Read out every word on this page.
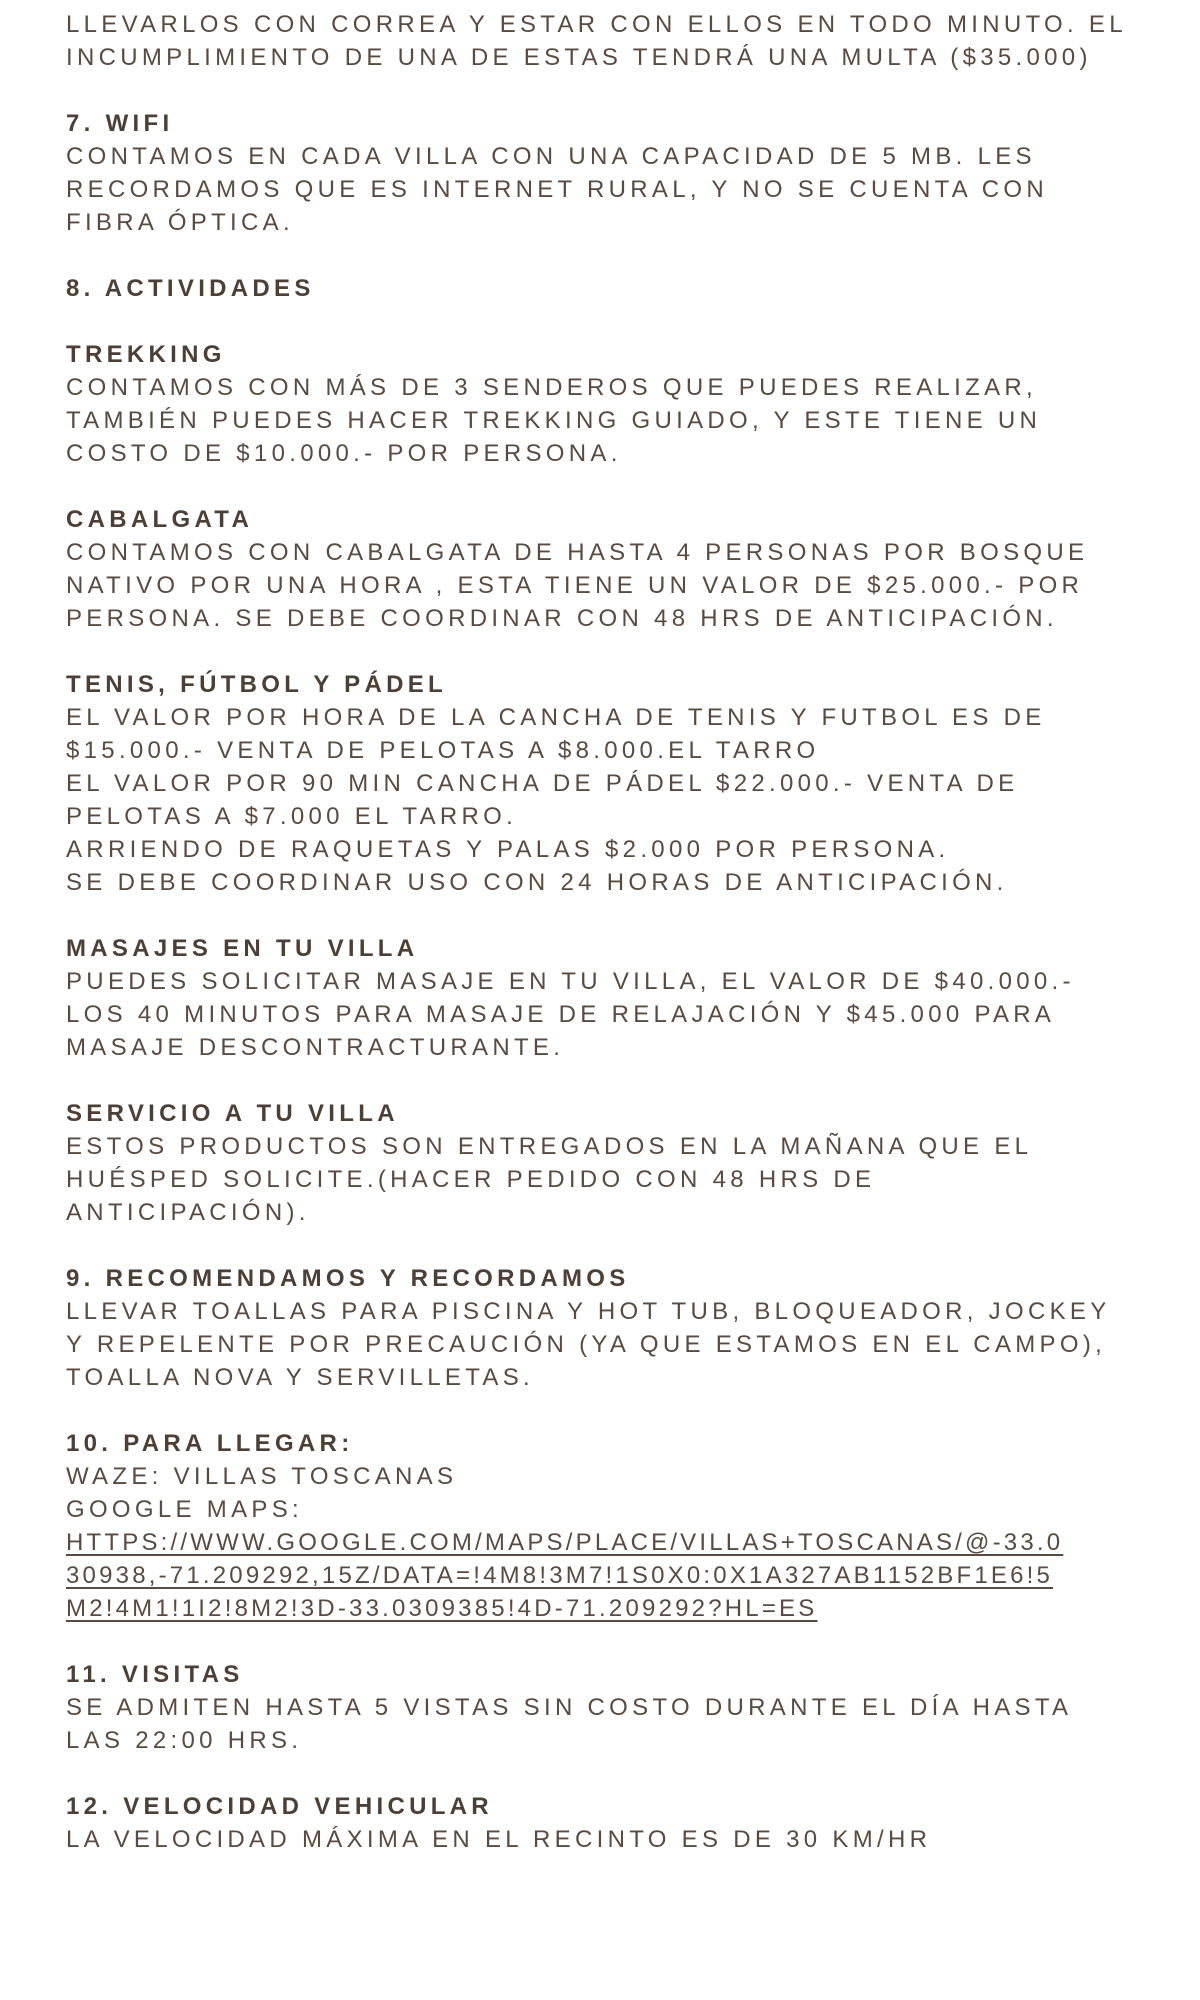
LLEVARLOS CON CORREA Y ESTAR CON ELLOS EN TODO MINUTO. EL
INCUMPLIMIENTO DE UNA DE ESTAS TENDRÁ UNA MULTA ($35.000)
7. WIFI
CONTAMOS EN CADA VILLA CON UNA CAPACIDAD DE 5 MB. LES
RECORDAMOS QUE ES INTERNET RURAL, Y NO SE CUENTA CON
FIBRA ÓPTICA.
8. ACTIVIDADES
TREKKING
CONTAMOS CON MÁS DE 3 SENDEROS QUE PUEDES REALIZAR,
TAMBIÉN PUEDES HACER TREKKING GUIADO, Y ESTE TIENE UN
COSTO DE $10.000.- POR PERSONA.
CABALGATA
CONTAMOS CON CABALGATA DE HASTA 4 PERSONAS POR BOSQUE
NATIVO POR UNA HORA , ESTA TIENE UN VALOR DE $25.000.- POR
PERSONA. SE DEBE COORDINAR CON 48 HRS DE ANTICIPACIÓN.
TENIS, FÚTBOL Y PÁDEL
EL VALOR POR HORA DE LA CANCHA DE TENIS Y FUTBOL ES DE
$15.000.- VENTA DE PELOTAS A $8.000.EL TARRO
EL VALOR POR 90 MIN CANCHA DE PÁDEL $22.000.- VENTA DE
PELOTAS A $7.000 EL TARRO.
ARRIENDO DE RAQUETAS Y PALAS $2.000 POR PERSONA.
SE DEBE COORDINAR USO CON 24 HORAS DE ANTICIPACIÓN.
MASAJES EN TU VILLA
PUEDES SOLICITAR MASAJE EN TU VILLA, EL VALOR DE $40.000.-
LOS 40 MINUTOS PARA MASAJE DE RELAJACIÓN Y $45.000 PARA
MASAJE DESCONTRACTURANTE.
SERVICIO A TU VILLA
ESTOS PRODUCTOS SON ENTREGADOS EN LA MAÑANA QUE EL
HUÉSPED SOLICITE.(HACER PEDIDO CON 48 HRS DE
ANTICIPACIÓN).
9. RECOMENDAMOS Y RECORDAMOS
LLEVAR TOALLAS PARA PISCINA Y HOT TUB, BLOQUEADOR, JOCKEY
Y REPELENTE POR PRECAUCIÓN (YA QUE ESTAMOS EN EL CAMPO),
TOALLA NOVA Y SERVILLETAS.
10. PARA LLEGAR:
WAZE: VILLAS TOSCANAS
GOOGLE MAPS:
HTTPS://WWW.GOOGLE.COM/MAPS/PLACE/VILLAS+TOSCANAS/@-33.0
30938,-71.209292,15Z/DATA=!4M8!3M7!1S0X0:0X1A327AB1152BF1E6!5
M2!4M1!1I2!8M2!3D-33.0309385!4D-71.209292?HL=ES
11. VISITAS
SE ADMITEN HASTA 5 VISTAS SIN COSTO DURANTE EL DÍA HASTA
LAS 22:00 HRS.
12. VELOCIDAD VEHICULAR
LA VELOCIDAD MÁXIMA EN EL RECINTO ES DE 30 KM/HR
